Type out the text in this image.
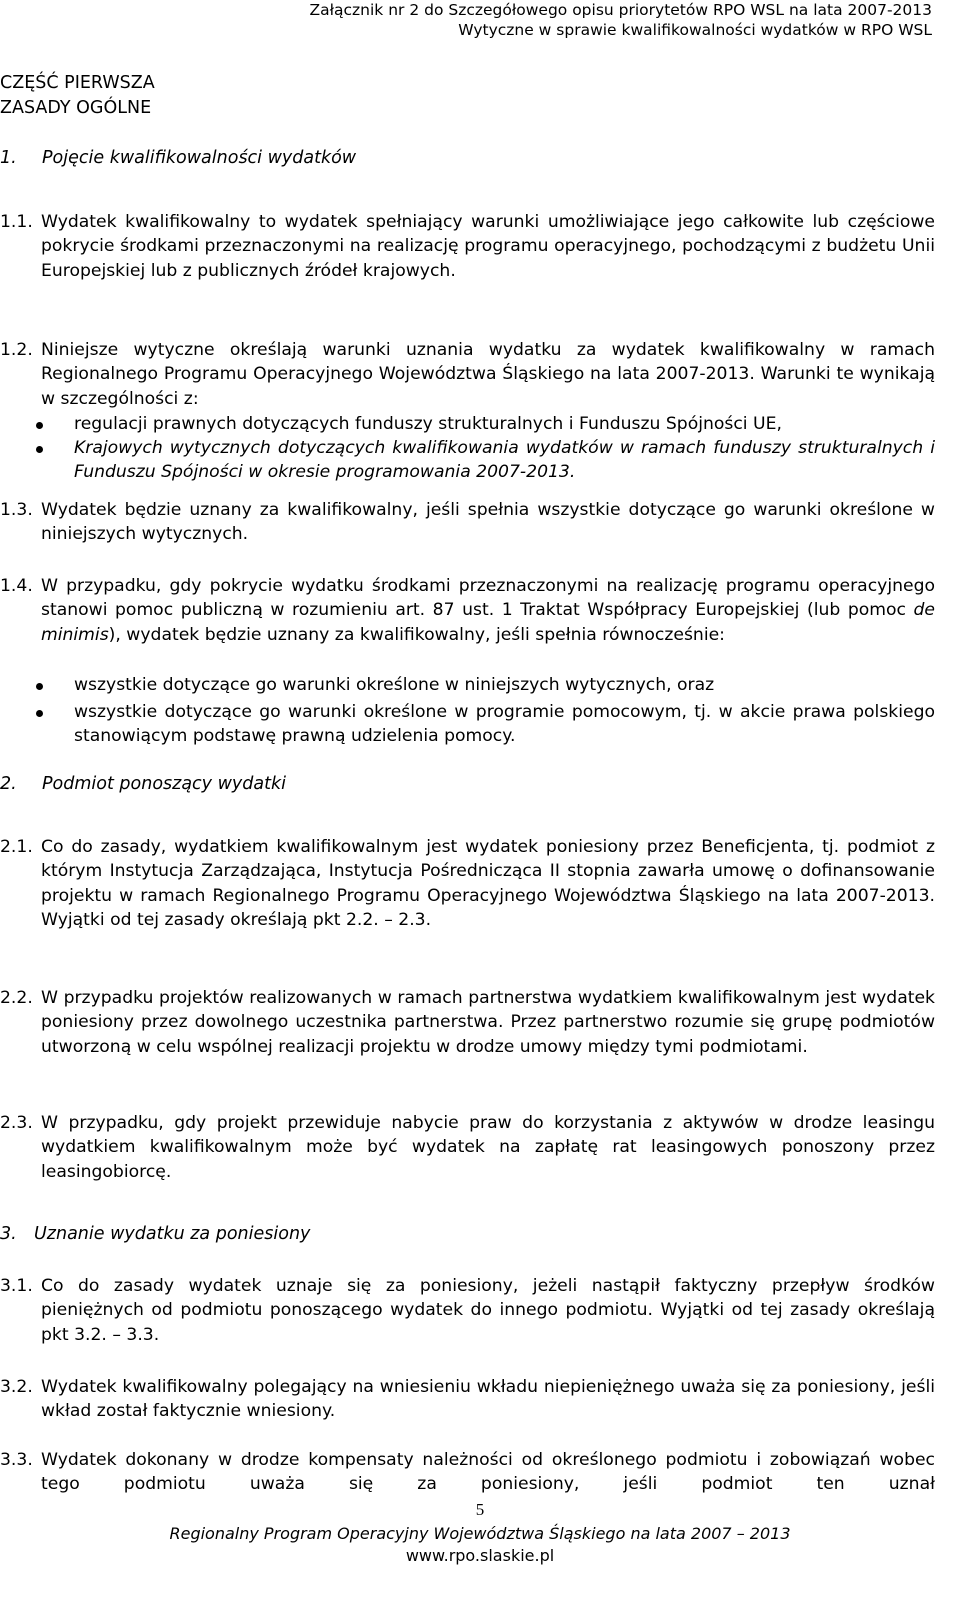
Załącznik nr 2 do Szczegółowego opisu priorytetów RPO WSL na lata 2007-2013
Wytyczne w sprawie kwalifikowalności wydatków w RPO WSL
CZĘŚĆ PIERWSZA
ZASADY OGÓLNE
1. Pojęcie kwalifikowalności wydatków
1.1. Wydatek kwalifikowalny to wydatek spełniający warunki umożliwiające jego całkowite lub częściowe pokrycie środkami przeznaczonymi na realizację programu operacyjnego, pochodzącymi z budżetu Unii Europejskiej lub z publicznych źródeł krajowych.
1.2. Niniejsze wytyczne określają warunki uznania wydatku za wydatek kwalifikowalny w ramach Regionalnego Programu Operacyjnego Województwa Śląskiego na lata 2007-2013. Warunki te wynikają w szczególności z:
regulacji prawnych dotyczących funduszy strukturalnych i Funduszu Spójności UE,
Krajowych wytycznych dotyczących kwalifikowania wydatków w ramach funduszy strukturalnych i Funduszu Spójności w okresie programowania 2007-2013.
1.3. Wydatek będzie uznany za kwalifikowalny, jeśli spełnia wszystkie dotyczące go warunki określone w niniejszych wytycznych.
1.4. W przypadku, gdy pokrycie wydatku środkami przeznaczonymi na realizację programu operacyjnego stanowi pomoc publiczną w rozumieniu art. 87 ust. 1 Traktat Współpracy Europejskiej (lub pomoc de minimis), wydatek będzie uznany za kwalifikowalny, jeśli spełnia równocześnie:
wszystkie dotyczące go warunki określone w niniejszych wytycznych, oraz
wszystkie dotyczące go warunki określone w programie pomocowym, tj. w akcie prawa polskiego stanowiącym podstawę prawną udzielenia pomocy.
2. Podmiot ponoszący wydatki
2.1. Co do zasady, wydatkiem kwalifikowalnym jest wydatek poniesiony przez Beneficjenta, tj. podmiot z którym Instytucja Zarządzająca, Instytucja Pośrednicząca II stopnia zawarła umowę o dofinansowanie projektu w ramach Regionalnego Programu Operacyjnego Województwa Śląskiego na lata 2007-2013. Wyjątki od tej zasady określają pkt 2.2. – 2.3.
2.2. W przypadku projektów realizowanych w ramach partnerstwa wydatkiem kwalifikowalnym jest wydatek poniesiony przez dowolnego uczestnika partnerstwa. Przez partnerstwo rozumie się grupę podmiotów utworzoną w celu wspólnej realizacji projektu w drodze umowy między tymi podmiotami.
2.3. W przypadku, gdy projekt przewiduje nabycie praw do korzystania z aktywów w drodze leasingu wydatkiem kwalifikowalnym może być wydatek na zapłatę rat leasingowych ponoszony przez leasingobiorcę.
3. Uznanie wydatku za poniesiony
3.1. Co do zasady wydatek uznaje się za poniesiony, jeżeli nastąpił faktyczny przepływ środków pieniężnych od podmiotu ponoszącego wydatek do innego podmiotu. Wyjątki od tej zasady określają pkt 3.2. – 3.3.
3.2. Wydatek kwalifikowalny polegający na wniesieniu wkładu niepieniężnego uważa się za poniesiony, jeśli wkład został faktycznie wniesiony.
3.3. Wydatek dokonany w drodze kompensaty należności od określonego podmiotu i zobowiązań wobec tego podmiotu uważa się za poniesiony, jeśli podmiot ten uznał
5
Regionalny Program Operacyjny Województwa Śląskiego na lata 2007 – 2013
www.rpo.slaskie.pl
